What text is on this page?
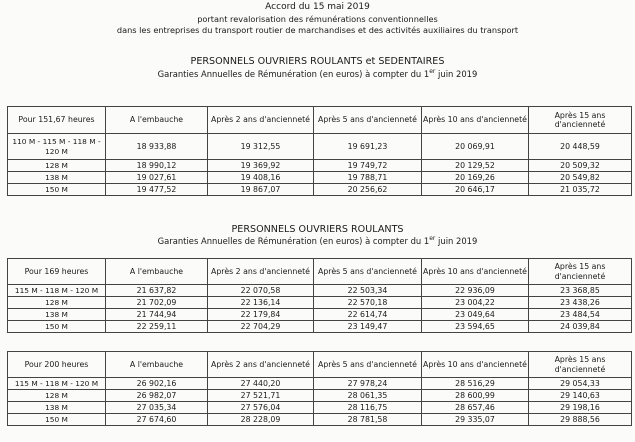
Accord du 15 mai 2019
portant revalorisation des rémunérations conventionnelles
dans les entreprises du transport routier de marchandises et des activités auxiliaires du transport
PERSONNELS OUVRIERS ROULANTS et SEDENTAIRES
Garanties Annuelles de Rémunération (en euros) à compter du 1er juin 2019
Pour 151,67 heures	A l'embauche	Après 2 ans d'ancienneté	Après 5 ans d'ancienneté	Après 10 ans d'ancienneté	Après 15 ans d'ancienneté
110 M - 115 M - 118 M - 120 M	18 933,88	19 312,55	19 691,23	20 069,91	20 448,59
128 M	18 990,12	19 369,92	19 749,72	20 129,52	20 509,32
138 M	19 027,61	19 408,16	19 788,71	20 169,26	20 549,82
150 M	19 477,52	19 867,07	20 256,62	20 646,17	21 035,72
PERSONNELS OUVRIERS ROULANTS
Garanties Annuelles de Rémunération (en euros) à compter du 1er juin 2019
Pour 169 heures	A l'embauche	Après 2 ans d'ancienneté	Après 5 ans d'ancienneté	Après 10 ans d'ancienneté	Après 15 ans d'ancienneté
115 M - 118 M - 120 M	21 637,82	22 070,58	22 503,34	22 936,09	23 368,85
128 M	21 702,09	22 136,14	22 570,18	23 004,22	23 438,26
138 M	21 744,94	22 179,84	22 614,74	23 049,64	23 484,54
150 M	22 259,11	22 704,29	23 149,47	23 594,65	24 039,84
Pour 200 heures	A l'embauche	Après 2 ans d'ancienneté	Après 5 ans d'ancienneté	Après 10 ans d'ancienneté	Après 15 ans d'ancienneté
115 M - 118 M - 120 M	26 902,16	27 440,20	27 978,24	28 516,29	29 054,33
128 M	26 982,07	27 521,71	28 061,35	28 600,99	29 140,63
138 M	27 035,34	27 576,04	28 116,75	28 657,46	29 198,16
150 M	27 674,60	28 228,09	28 781,58	29 335,07	29 888,56
